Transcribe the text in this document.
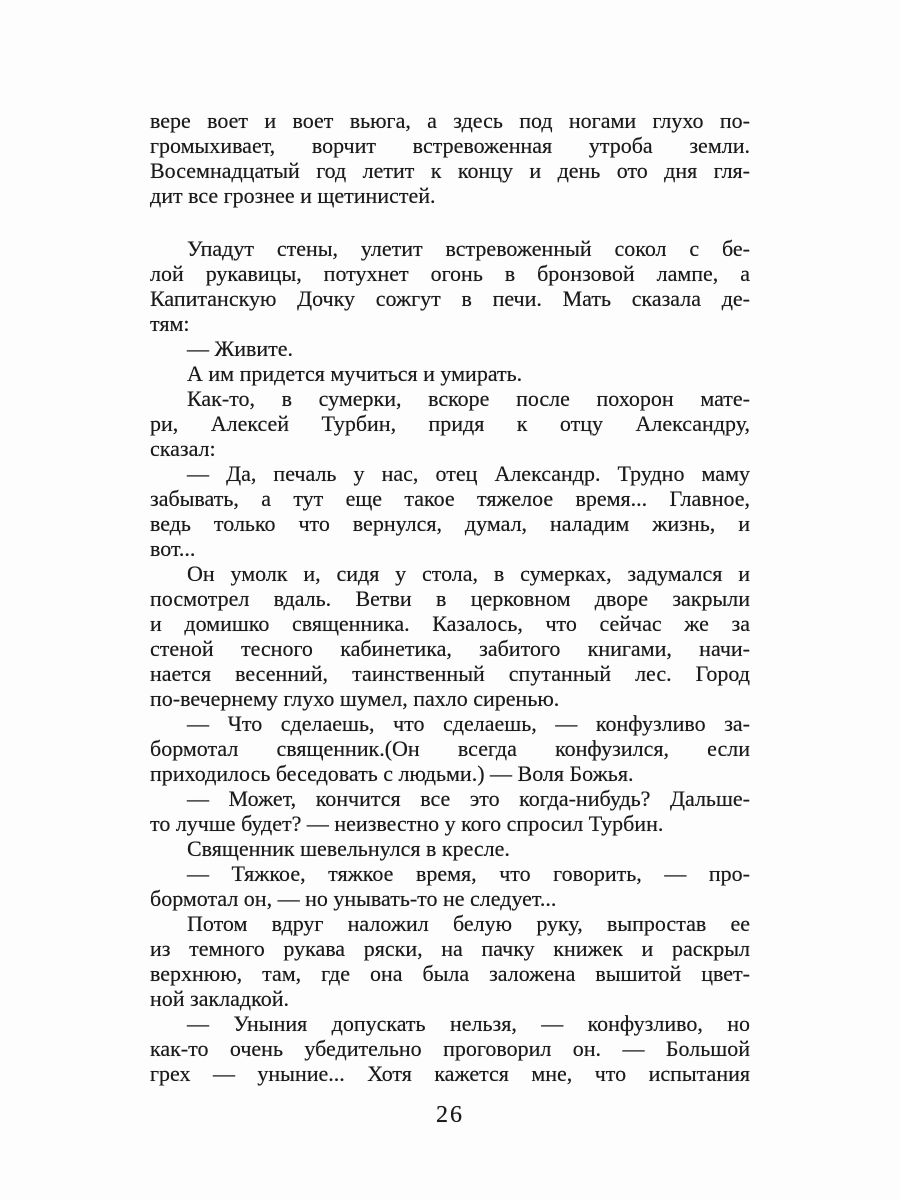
вере воет и воет вьюга, а здесь под ногами глухо по-
громыхивает, ворчит встревоженная утроба земли.
Восемнадцатый год летит к концу и день ото дня гля-
дит все грознее и щетинистей.

Упадут стены, улетит встревоженный сокол с бе-
лой рукавицы, потухнет огонь в бронзовой лампе, а
Капитанскую Дочку сожгут в печи. Мать сказала де-
тям:

— Живите.

А им придется мучиться и умирать.

Как-то, в сумерки, вскоре после похорон мате-
ри, Алексей Турбин, придя к отцу Александру,
сказал:

— Да, печаль у нас, отец Александр. Трудно маму
забывать, а тут еще такое тяжелое время... Главное,
ведь только что вернулся, думал, наладим жизнь, и
вот...

Он умолк и, сидя у стола, в сумерках, задумался и
посмотрел вдаль. Ветви в церковном дворе закрыли
и домишко священника. Казалось, что сейчас же за
стеной тесного кабинетика, забитого книгами, начи-
нается весенний, таинственный спутанный лес. Город
по-вечернему глухо шумел, пахло сиренью.

— Что сделаешь, что сделаешь, — конфузливо за-
бормотал священник.(Он всегда конфузился, если
приходилось беседовать с людьми.) — Воля Божья.

— Может, кончится все это когда-нибудь? Дальше-
то лучше будет? — неизвестно у кого спросил Турбин.

Священник шевельнулся в кресле.

— Тяжкое, тяжкое время, что говорить, — про-
бормотал он, — но унывать-то не следует...

Потом вдруг наложил белую руку, выпростав ее
из темного рукава ряски, на пачку книжек и раскрыл
верхнюю, там, где она была заложена вышитой цвет-
ной закладкой.

— Уныния допускать нельзя, — конфузливо, но
как-то очень убедительно проговорил он. — Большой
грех — уныние... Хотя кажется мне, что испытания

26
